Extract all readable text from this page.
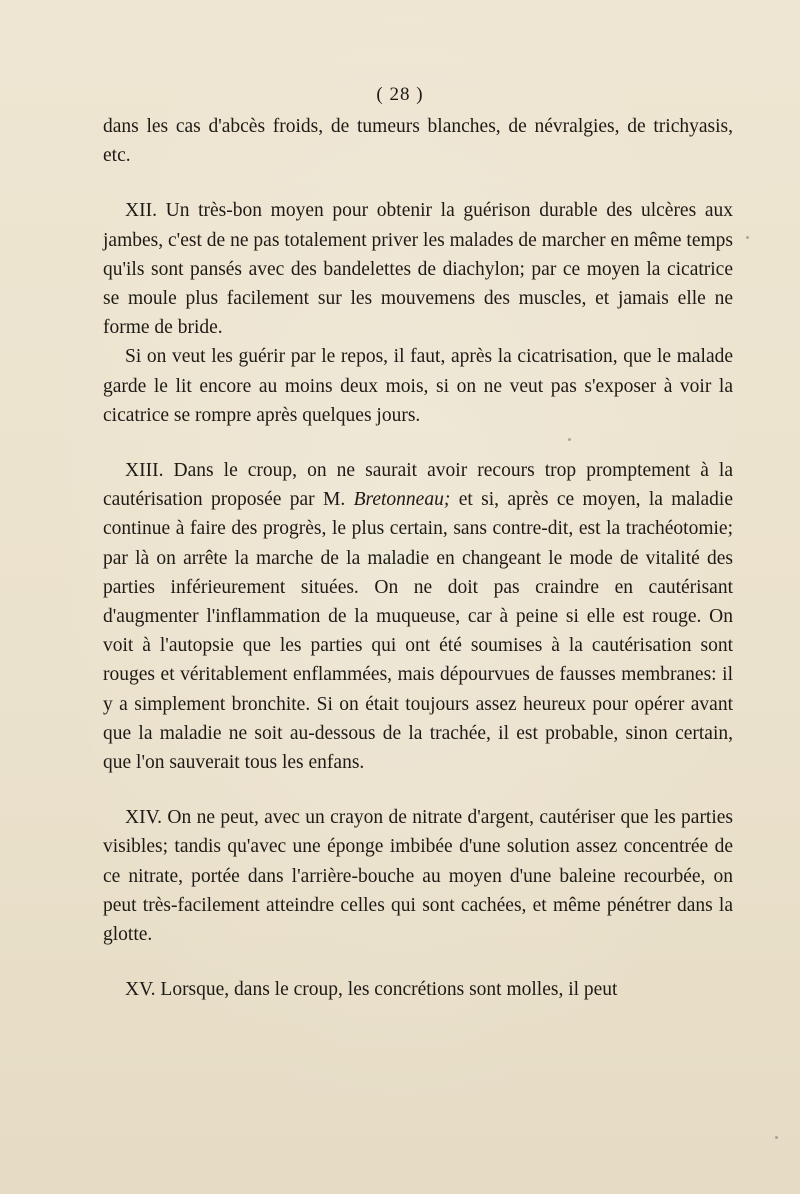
( 28 )

dans les cas d'abcès froids, de tumeurs blanches, de névralgies, de trichyasis, etc.

XII. Un très-bon moyen pour obtenir la guérison durable des ulcères aux jambes, c'est de ne pas totalement priver les malades de marcher en même temps qu'ils sont pansés avec des bandelettes de diachylon; par ce moyen la cicatrice se moule plus facilement sur les mouvemens des muscles, et jamais elle ne forme de bride.

Si on veut les guérir par le repos, il faut, après la cicatrisation, que le malade garde le lit encore au moins deux mois, si on ne veut pas s'exposer à voir la cicatrice se rompre après quelques jours.

XIII. Dans le croup, on ne saurait avoir recours trop promptement à la cautérisation proposée par M. Bretonneau; et si, après ce moyen, la maladie continue à faire des progrès, le plus certain, sans contre-dit, est la trachéotomie; par là on arrête la marche de la maladie en changeant le mode de vitalité des parties inférieurement situées. On ne doit pas craindre en cautérisant d'augmenter l'inflammation de la muqueuse, car à peine si elle est rouge. On voit à l'autopsie que les parties qui ont été soumises à la cautérisation sont rouges et véritablement enflammées, mais dépourvues de fausses membranes: il y a simplement bronchite. Si on était toujours assez heureux pour opérer avant que la maladie ne soit au-dessous de la trachée, il est probable, sinon certain, que l'on sauverait tous les enfans.

XIV. On ne peut, avec un crayon de nitrate d'argent, cautériser que les parties visibles; tandis qu'avec une éponge imbibée d'une solution assez concentrée de ce nitrate, portée dans l'arrière-bouche au moyen d'une baleine recourbée, on peut très-facilement atteindre celles qui sont cachées, et même pénétrer dans la glotte.

XV. Lorsque, dans le croup, les concrétions sont molles, il peut
